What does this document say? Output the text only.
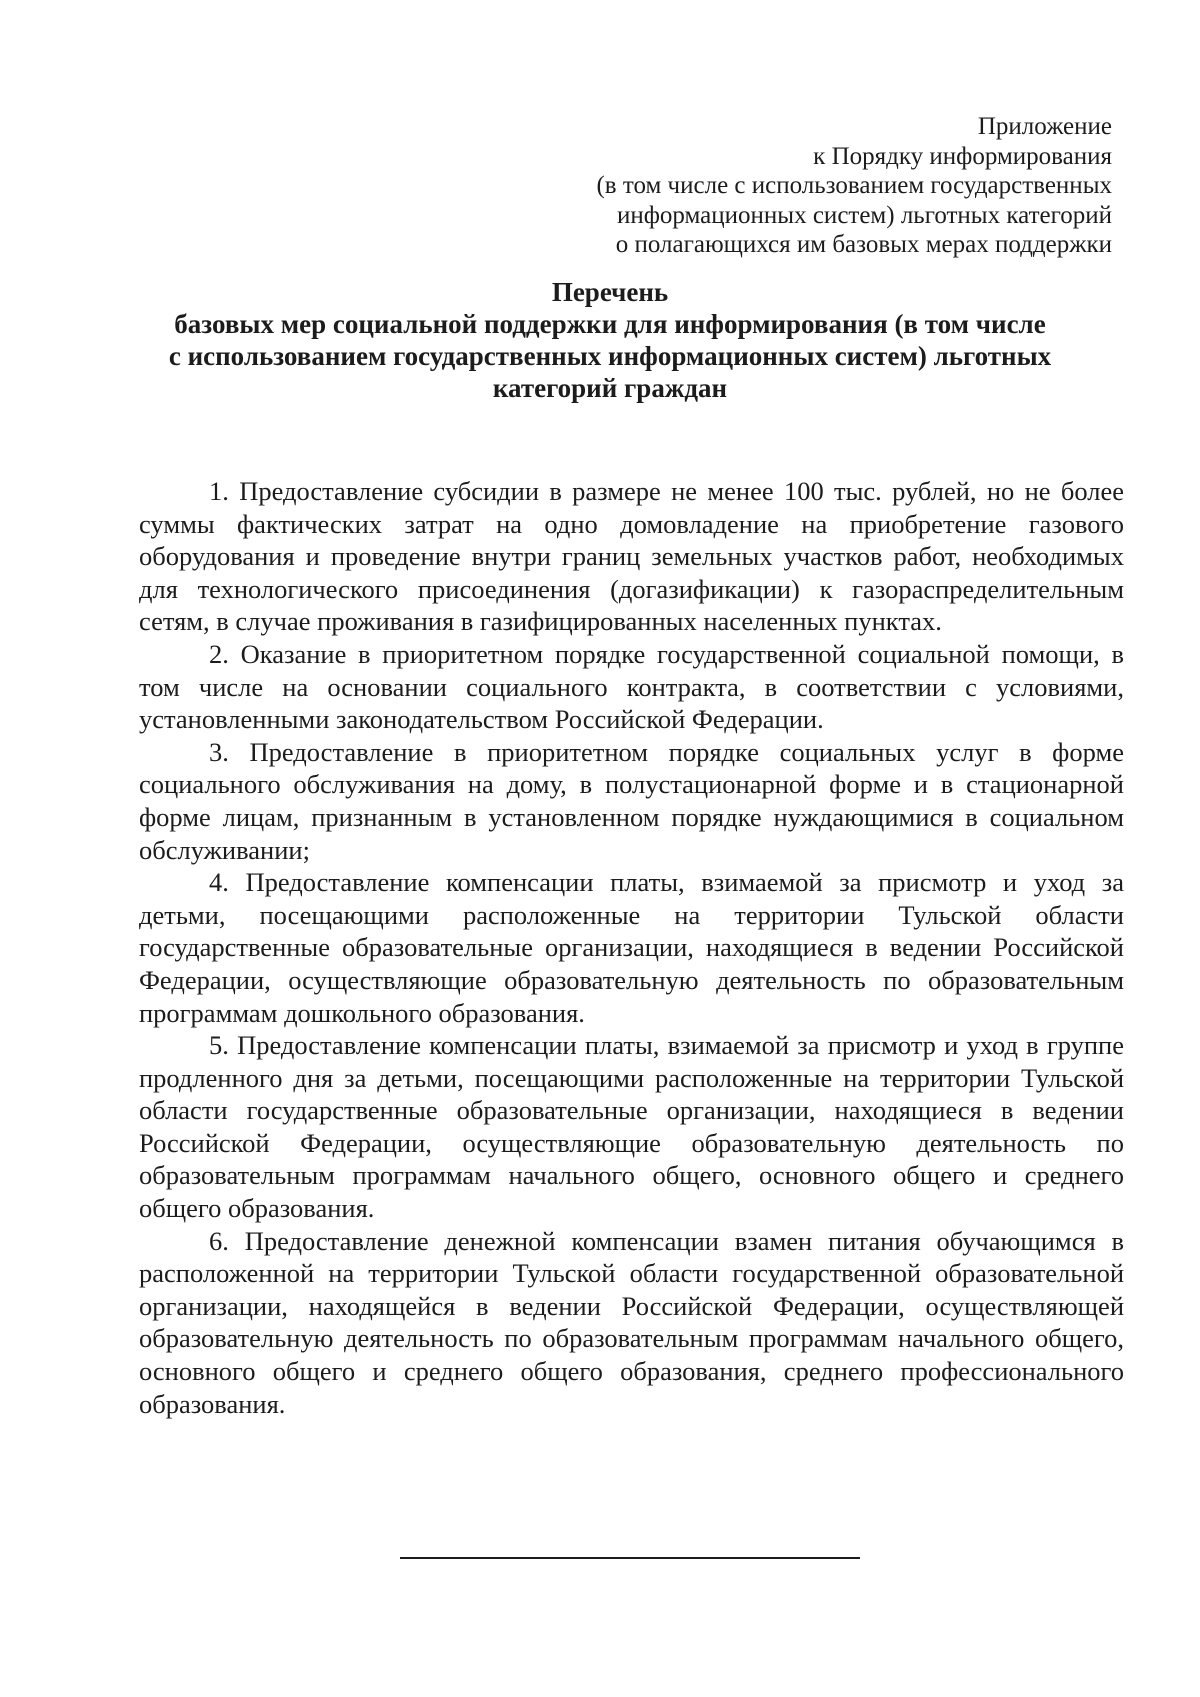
Приложение
к Порядку информирования
(в том числе с использованием государственных
информационных систем) льготных категорий
о полагающихся им базовых мерах поддержки
Перечень
базовых мер социальной поддержки для информирования (в том числе
с использованием государственных информационных систем) льготных
категорий граждан

1. Предоставление субсидии в размере не менее 100 тыс. рублей, но не более суммы фактических затрат на одно домовладение на приобретение газового оборудования и проведение внутри границ земельных участков работ, необходимых для технологического присоединения (догазификации) к газораспределительным сетям, в случае проживания в газифицированных населенных пунктах.

2. Оказание в приоритетном порядке государственной социальной помощи, в том числе на основании социального контракта, в соответствии с условиями, установленными законодательством Российской Федерации.

3. Предоставление в приоритетном порядке социальных услуг в форме социального обслуживания на дому, в полустационарной форме и в стационарной форме лицам, признанным в установленном порядке нуждающимися в социальном обслуживании;

4. Предоставление компенсации платы, взимаемой за присмотр и уход за детьми, посещающими расположенные на территории Тульской области государственные образовательные организации, находящиеся в ведении Российской Федерации, осуществляющие образовательную деятельность по образовательным программам дошкольного образования.

5. Предоставление компенсации платы, взимаемой за присмотр и уход в группе продленного дня за детьми, посещающими расположенные на территории Тульской области государственные образовательные организации, находящиеся в ведении Российской Федерации, осуществляющие образовательную деятельность по образовательным программам начального общего, основного общего и среднего общего образования.

6. Предоставление денежной компенсации взамен питания обучающимся в расположенной на территории Тульской области государственной образовательной организации, находящейся в ведении Российской Федерации, осуществляющей образовательную деятельность по образовательным программам начального общего, основного общего и среднего общего образования, среднего профессионального образования.
